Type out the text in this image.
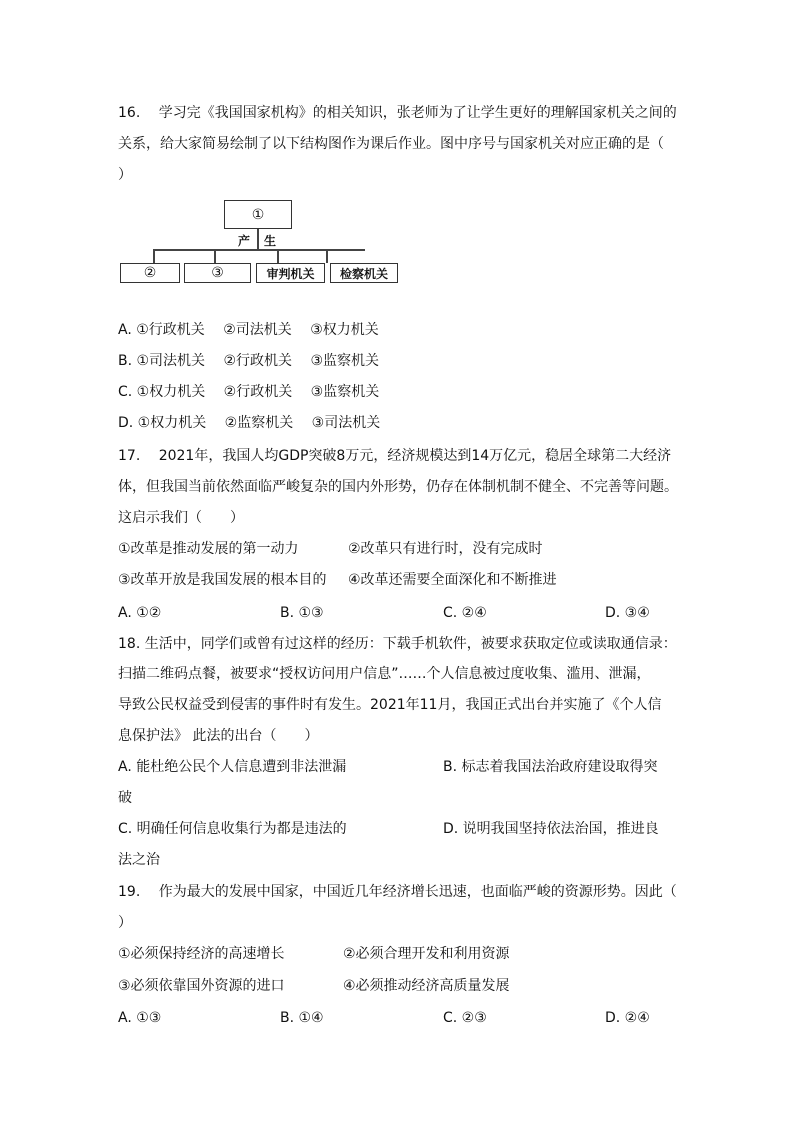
16.　 学习完《我国国家机构》的相关知识，张老师为了让学生更好的理解国家机关之间的
关系，给大家简易绘制了以下结构图作为课后作业。图中序号与国家机关对应正确的是（
）
①
产 生
②	③	审判机关	检察机关
A. ①行政机关　 ②司法机关　 ③权力机关
B. ①司法机关　 ②行政机关　 ③监察机关
C. ①权力机关　 ②行政机关　 ③监察机关
D. ①权力机关　 ②监察机关　 ③司法机关
17.　 2021年，我国人均GDP突破8万元，经济规模达到14万亿元，稳居全球第二大经济
体，但我国当前依然面临严峻复杂的国内外形势，仍存在体制机制不健全、不完善等问题。
这启示我们（　　）
①改革是推动发展的第一动力	②改革只有进行时，没有完成时
③改革开放是我国发展的根本目的 ④改革还需要全面深化和不断推进
A. ①②	B. ①③	C. ②④	D. ③④
18. 生活中，同学们或曾有过这样的经历：下载手机软件，被要求获取定位或读取通信录：
扫描二维码点餐，被要求“授权访问用户信息”……个人信息被过度收集、滥用、泄漏，
导致公民权益受到侵害的事件时有发生。2021年11月，我国正式出台并实施了《个人信
息保护法》 此法的出台（　　）
A. 能杜绝公民个人信息遭到非法泄漏	B. 标志着我国法治政府建设取得突
破
C. 明确任何信息收集行为都是违法的	D. 说明我国坚持依法治国，推进良
法之治
19.　 作为最大的发展中国家，中国近几年经济增长迅速，也面临严峻的资源形势。因此（
）
①必须保持经济的高速增长	②必须合理开发和利用资源
③必须依靠国外资源的进口	④必须推动经济高质量发展
A. ①③	B. ①④	C. ②③	D. ②④
